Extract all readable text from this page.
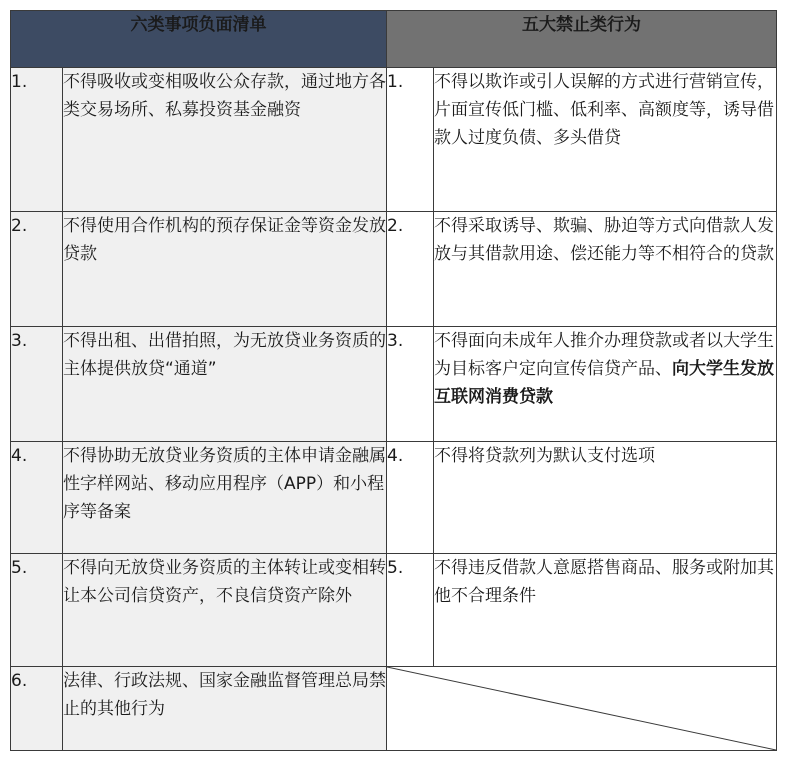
六类事项负面清单		五大禁止类行为	
1.	不得吸收或变相吸收公众存款，通过地方各类交易场所、私募投资基金融资	1.	不得以欺诈或引人误解的方式进行营销宣传，片面宣传低门槛、低利率、高额度等，诱导借款人过度负债、多头借贷
2.	不得使用合作机构的预存保证金等资金发放贷款	2.	不得采取诱导、欺骗、胁迫等方式向借款人发放与其借款用途、偿还能力等不相符合的贷款
3.	不得出租、出借拍照，为无放贷业务资质的主体提供放贷“通道”	3.	不得面向未成年人推介办理贷款或者以大学生为目标客户定向宣传信贷产品、向大学生发放互联网消费贷款
4.	不得协助无放贷业务资质的主体申请金融属性字样网站、移动应用程序（APP）和小程序等备案	4.	不得将贷款列为默认支付选项
5.	不得向无放贷业务资质的主体转让或变相转让本公司信贷资产，不良信贷资产除外	5.	不得违反借款人意愿搭售商品、服务或附加其他不合理条件
6.	法律、行政法规、国家金融监督管理总局禁止的其他行为	
